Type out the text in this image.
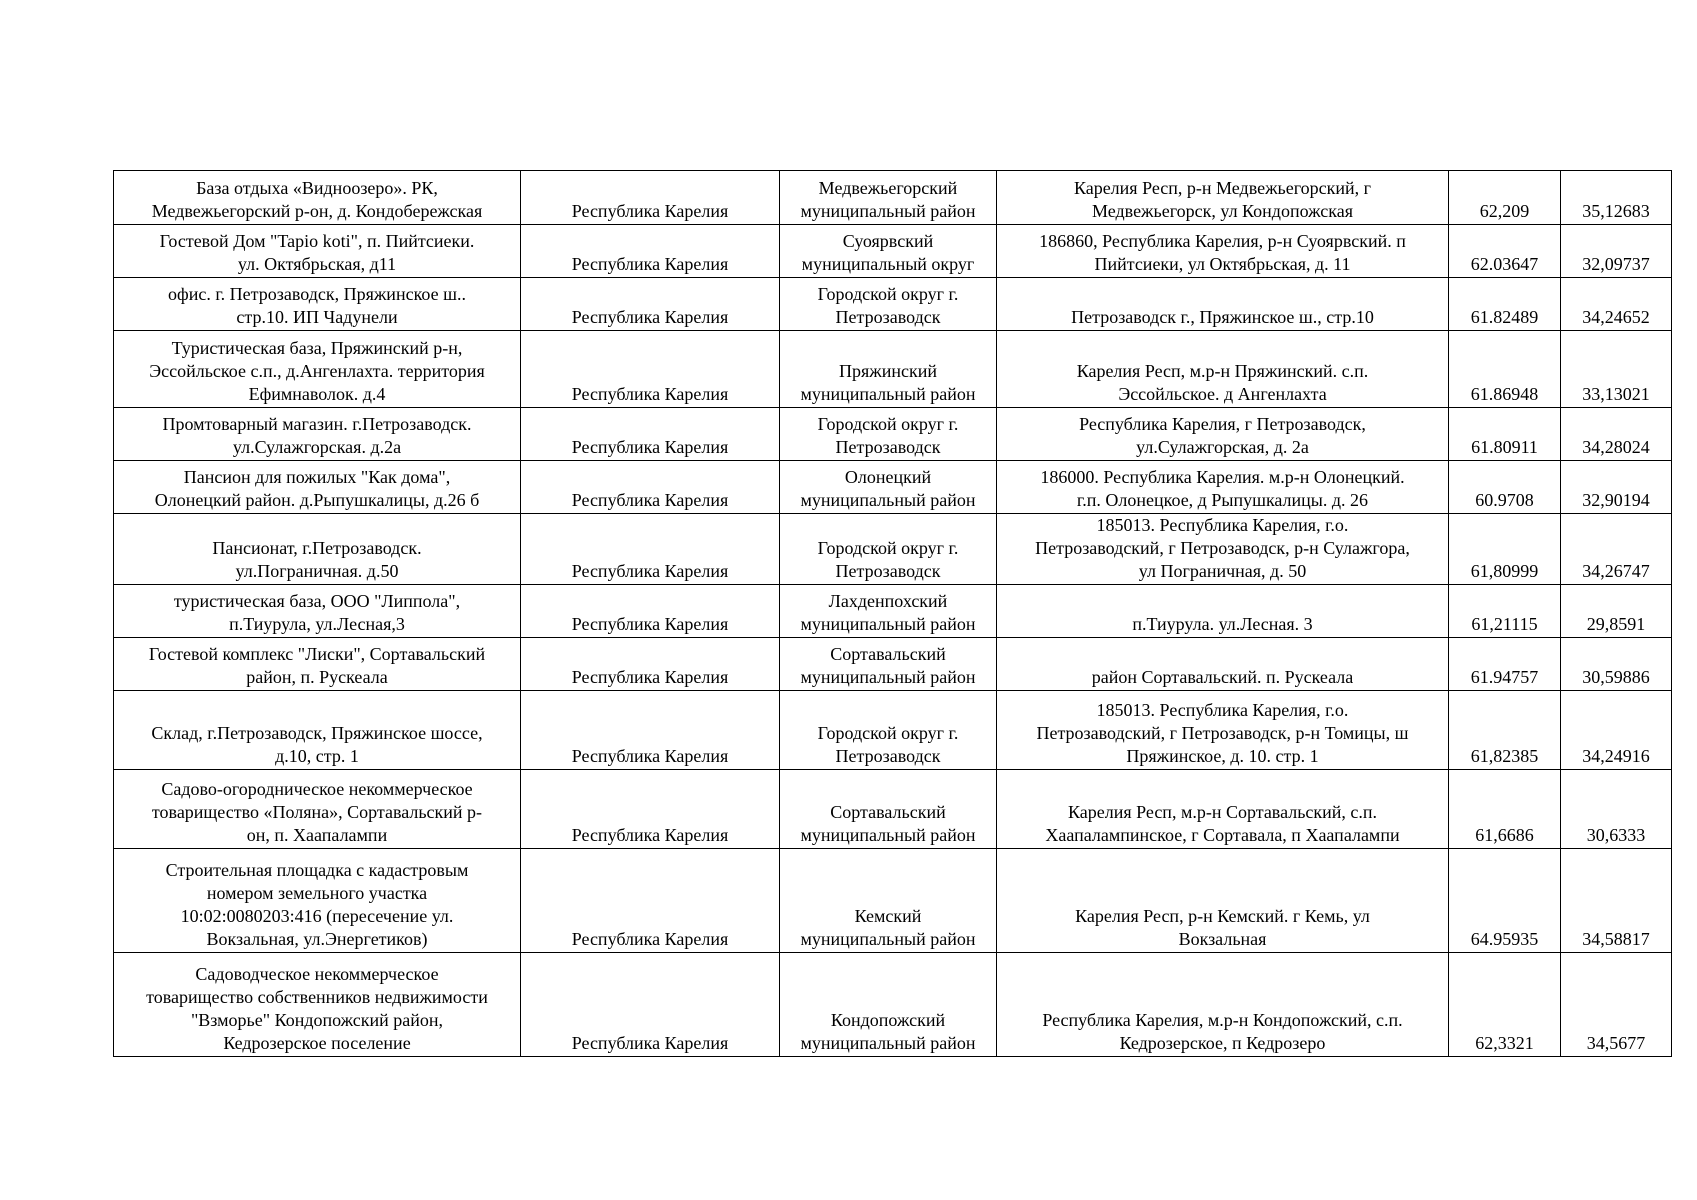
База отдыха «Видноозеро». РК,
Медвежьегорский р-он, д. Кондобережская	Республика Карелия	Медвежьегорский
муниципальный район	Карелия Респ, р-н Медвежьегорский, г
Медвежьегорск, ул Кондопожская	62,209	35,12683
Гостевой Дом "Tapio koti", п. Пийтсиеки.
ул. Октябрьская, д11	Республика Карелия	Суоярвский
муниципальный округ	186860, Республика Карелия, р-н Суоярвский. п
Пийтсиеки, ул Октябрьская, д. 11	62.03647	32,09737
офис. г. Петрозаводск, Пряжинское ш..
стр.10. ИП Чадунели	Республика Карелия	Городской округ г.
Петрозаводск	Петрозаводск г., Пряжинское ш., стр.10	61.82489	34,24652
Туристическая база, Пряжинский р-н,
Эссойльское с.п., д.Ангенлахта. территория
Ефимнаволок. д.4	Республика Карелия	Пряжинский
муниципальный район	Карелия Респ, м.р-н Пряжинский. с.п.
Эссойльское. д Ангенлахта	61.86948	33,13021
Промтоварный магазин. г.Петрозаводск.
ул.Сулажгорская. д.2а	Республика Карелия	Городской округ г.
Петрозаводск	Республика Карелия, г Петрозаводск,
ул.Сулажгорская, д. 2а	61.80911	34,28024
Пансион для пожилых "Как дома",
Олонецкий район. д.Рыпушкалицы, д.26 б	Республика Карелия	Олонецкий
муниципальный район	186000. Республика Карелия. м.р-н Олонецкий.
г.п. Олонецкое, д Рыпушкалицы. д. 26	60.9708	32,90194
Пансионат, г.Петрозаводск.
ул.Пограничная. д.50	Республика Карелия	Городской округ г.
Петрозаводск	185013. Республика Карелия, г.о.
Петрозаводский, г Петрозаводск, р-н Сулажгора,
ул Пограничная, д. 50	61,80999	34,26747
туристическая база, ООО "Липпола",
п.Тиурула, ул.Лесная,3	Республика Карелия	Лахденпохский
муниципальный район	п.Тиурула. ул.Лесная. 3	61,21115	29,8591
Гостевой комплекс "Лиски", Сортавальский
район, п. Рускеала	Республика Карелия	Сортавальский
муниципальный район	район Сортавальский. п. Рускеала	61.94757	30,59886
Склад, г.Петрозаводск, Пряжинское шоссе,
д.10, стр. 1	Республика Карелия	Городской округ г.
Петрозаводск	185013. Республика Карелия, г.о.
Петрозаводский, г Петрозаводск, р-н Томицы, ш
Пряжинское, д. 10. стр. 1	61,82385	34,24916
Садово-огородническое некоммерческое
товарищество «Поляна», Сортавальский р-
он, п. Хаапалампи	Республика Карелия	Сортавальский
муниципальный район	Карелия Респ, м.р-н Сортавальский, с.п.
Хаапалампинское, г Сортавала, п Хаапалампи	61,6686	30,6333
Строительная площадка с кадастровым
номером земельного участка
10:02:0080203:416 (пересечение ул.
Вокзальная, ул.Энергетиков)	Республика Карелия	Кемский
муниципальный район	Карелия Респ, р-н Кемский. г Кемь, ул
Вокзальная	64.95935	34,58817
Садоводческое некоммерческое
товарищество собственников недвижимости
"Взморье" Кондопожский район,
Кедрозерское поселение	Республика Карелия	Кондопожский
муниципальный район	Республика Карелия, м.р-н Кондопожский, с.п.
Кедрозерское, п Кедрозеро	62,3321	34,5677
